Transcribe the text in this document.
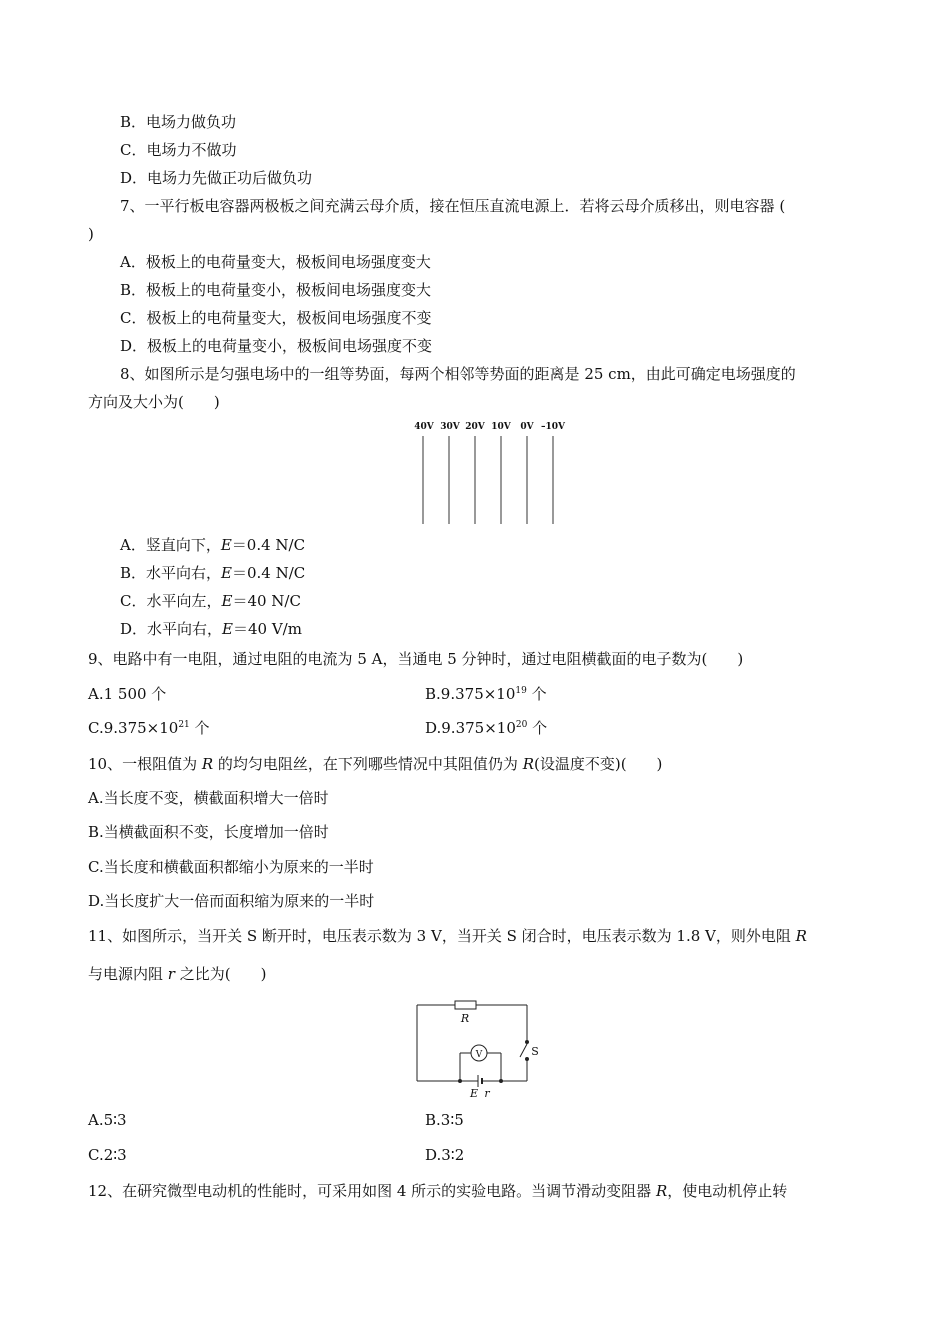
B．电场力做负功
C．电场力不做功
D．电场力先做正功后做负功
7、一平行板电容器两极板之间充满云母介质，接在恒压直流电源上．若将云母介质移出，则电容器 (
)
A．极板上的电荷量变大，极板间电场强度变大
B．极板上的电荷量变小，极板间电场强度变大
C．极板上的电荷量变大，极板间电场强度不变
D．极板上的电荷量变小，极板间电场强度不变
8、如图所示是匀强电场中的一组等势面，每两个相邻等势面的距离是 25 cm，由此可确定电场强度的
方向及大小为(　　)
40V 30V 20V 10V 0V –10V
A．竖直向下，E＝0.4 N/C
B．水平向右，E＝0.4 N/C
C．水平向左，E＝40 N/C
D．水平向右，E＝40 V/m
9、电路中有一电阻，通过电阻的电流为 5 A，当通电 5 分钟时，通过电阻横截面的电子数为(　　)
A.1 500 个	$B.9.375\times 10^{19}$ 个
$C.9.375\times 10^{21}$ 个	$D.9.375\times 10^{20}$ 个
10、一根阻值为 R 的均匀电阻丝，在下列哪些情况中其阻值仍为 R(设温度不变)(　　)
A.当长度不变，横截面积增大一倍时
B.当横截面积不变，长度增加一倍时
C.当长度和横截面积都缩小为原来的一半时
D.当长度扩大一倍而面积缩为原来的一半时
11、如图所示，当开关 S 断开时，电压表示数为 3 V，当开关 S 闭合时，电压表示数为 1.8 V，则外电阻 R
与电源内阻 r 之比为(　　)
R
S
V
E r
A.5∶3	B.3∶5
C.2∶3	D.3∶2
12、在研究微型电动机的性能时，可采用如图 4 所示的实验电路。当调节滑动变阻器 R，使电动机停止转
